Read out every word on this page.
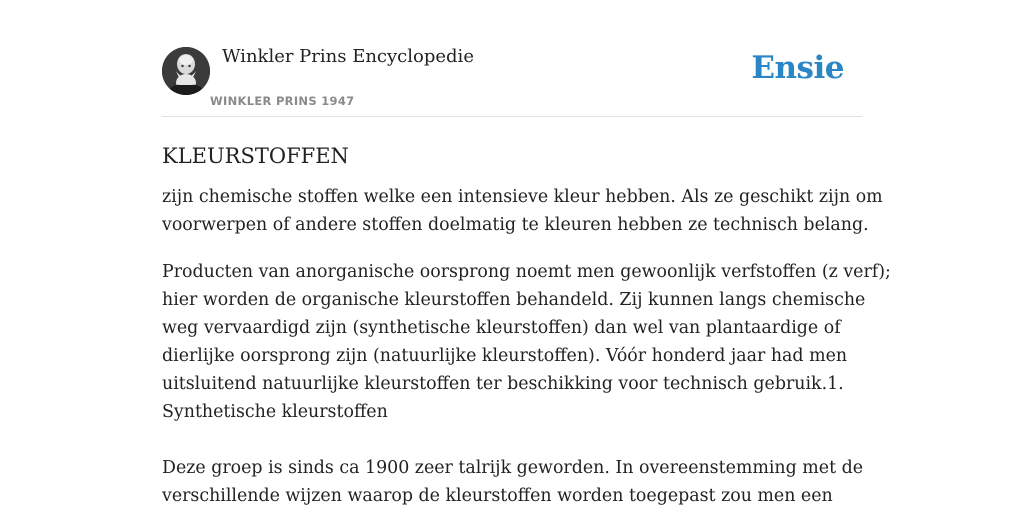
Winkler Prins Encyclopedie
WINKLER PRINS 1947
Ensie
KLEURSTOFFEN

zijn chemische stoffen welke een intensieve kleur hebben. Als ze geschikt zijn om
voorwerpen of andere stoffen doelmatig te kleuren hebben ze technisch belang.

Producten van anorganische oorsprong noemt men gewoonlijk verfstoffen (z verf);
hier worden de organische kleurstoffen behandeld. Zij kunnen langs chemische
weg vervaardigd zijn (synthetische kleurstoffen) dan wel van plantaardige of
dierlijke oorsprong zijn (natuurlijke kleurstoffen). Vóór honderd jaar had men
uitsluitend natuurlijke kleurstoffen ter beschikking voor technisch gebruik.1.
Synthetische kleurstoffen

Deze groep is sinds ca 1900 zeer talrijk geworden. In overeenstemming met de
verschillende wijzen waarop de kleurstoffen worden toegepast zou men een
